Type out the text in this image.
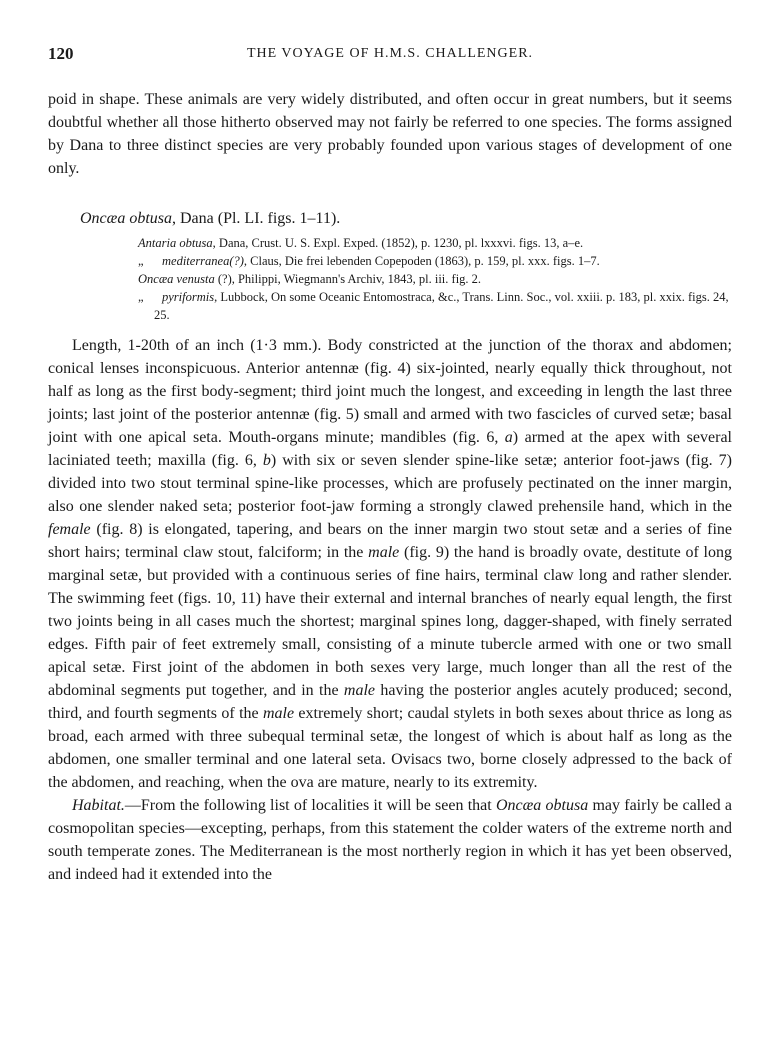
120	THE VOYAGE OF H.M.S. CHALLENGER.

poid in shape. These animals are very widely distributed, and often occur in great numbers, but it seems doubtful whether all those hitherto observed may not fairly be referred to one species. The forms assigned by Dana to three distinct species are very probably founded upon various stages of development of one only.

Oncæa obtusa, Dana (Pl. LI. figs. 1–11).

Antaria obtusa, Dana, Crust. U. S. Expl. Exped. (1852), p. 1230, pl. lxxxvi. figs. 13, a–e.

„ mediterranea(?), Claus, Die frei lebenden Copepoden (1863), p. 159, pl. xxx. figs. 1–7.

Oncæa venusta (?), Philippi, Wiegmann's Archiv, 1843, pl. iii. fig. 2.

„ pyriformis, Lubbock, On some Oceanic Entomostraca, &c., Trans. Linn. Soc., vol. xxiii. p. 183, pl. xxix. figs. 24, 25.

Length, 1-20th of an inch (1·3 mm.). Body constricted at the junction of the thorax and abdomen; conical lenses inconspicuous. Anterior antennæ (fig. 4) six-jointed, nearly equally thick throughout, not half as long as the first body-segment; third joint much the longest, and exceeding in length the last three joints; last joint of the posterior antennæ (fig. 5) small and armed with two fascicles of curved setæ; basal joint with one apical seta. Mouth-organs minute; mandibles (fig. 6, a) armed at the apex with several laciniated teeth; maxilla (fig. 6, b) with six or seven slender spine-like setæ; anterior foot-jaws (fig. 7) divided into two stout terminal spine-like processes, which are profusely pectinated on the inner margin, also one slender naked seta; posterior foot-jaw forming a strongly clawed prehensile hand, which in the female (fig. 8) is elongated, tapering, and bears on the inner margin two stout setæ and a series of fine short hairs; terminal claw stout, falciform; in the male (fig. 9) the hand is broadly ovate, destitute of long marginal setæ, but provided with a continuous series of fine hairs, terminal claw long and rather slender. The swimming feet (figs. 10, 11) have their external and internal branches of nearly equal length, the first two joints being in all cases much the shortest; marginal spines long, dagger-shaped, with finely serrated edges. Fifth pair of feet extremely small, consisting of a minute tubercle armed with one or two small apical setæ. First joint of the abdomen in both sexes very large, much longer than all the rest of the abdominal segments put together, and in the male having the posterior angles acutely produced; second, third, and fourth segments of the male extremely short; caudal stylets in both sexes about thrice as long as broad, each armed with three subequal terminal setæ, the longest of which is about half as long as the abdomen, one smaller terminal and one lateral seta. Ovisacs two, borne closely adpressed to the back of the abdomen, and reaching, when the ova are mature, nearly to its extremity.

Habitat.—From the following list of localities it will be seen that Oncæa obtusa may fairly be called a cosmopolitan species—excepting, perhaps, from this statement the colder waters of the extreme north and south temperate zones. The Mediterranean is the most northerly region in which it has yet been observed, and indeed had it extended into the
